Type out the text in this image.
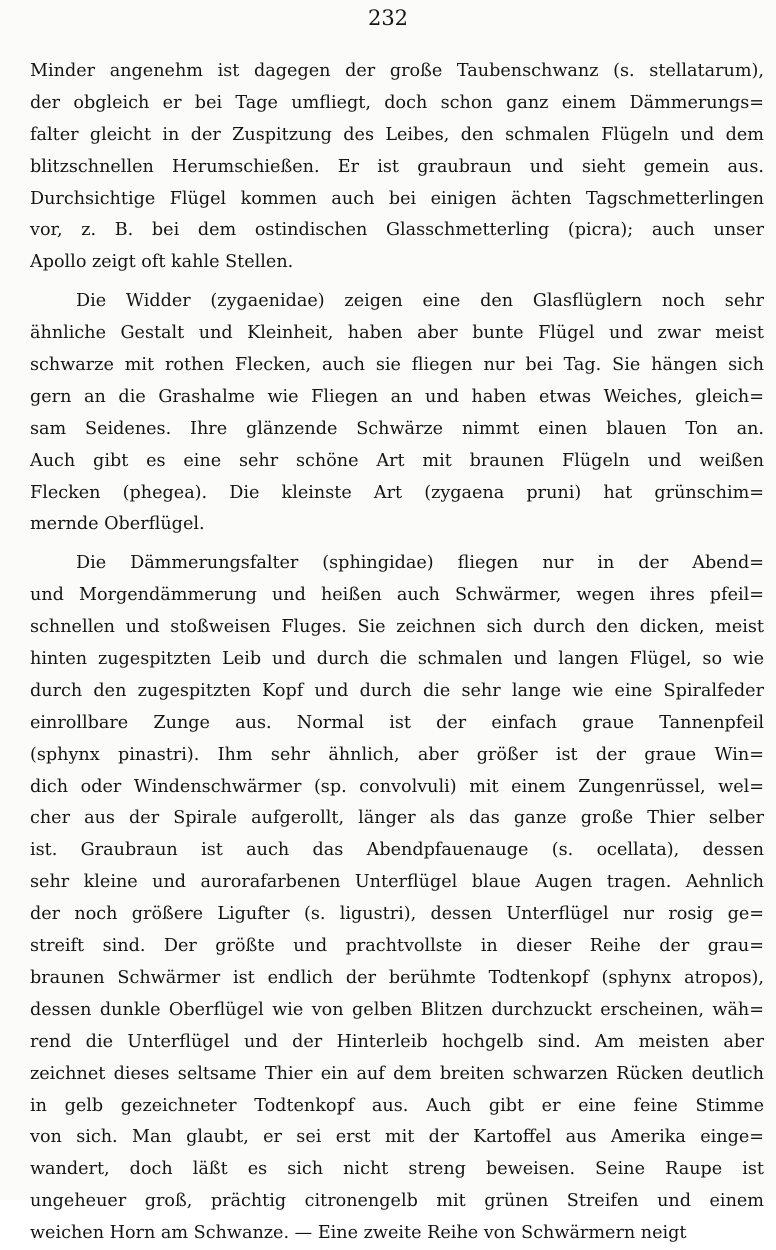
232
Minder angenehm ist dagegen der große Taubenschwanz (s. stellatarum),
der obgleich er bei Tage umfliegt, doch schon ganz einem Dämmerungs=
falter gleicht in der Zuspitzung des Leibes, den schmalen Flügeln und dem
blitzschnellen Herumschießen. Er ist graubraun und sieht gemein aus.
Durchsichtige Flügel kommen auch bei einigen ächten Tagschmetterlingen
vor, z. B. bei dem ostindischen Glasschmetterling (picra); auch unser
Apollo zeigt oft kahle Stellen.
Die Widder (zygaenidae) zeigen eine den Glasflüglern noch sehr
ähnliche Gestalt und Kleinheit, haben aber bunte Flügel und zwar meist
schwarze mit rothen Flecken, auch sie fliegen nur bei Tag. Sie hängen sich
gern an die Grashalme wie Fliegen an und haben etwas Weiches, gleich=
sam Seidenes. Ihre glänzende Schwärze nimmt einen blauen Ton an.
Auch gibt es eine sehr schöne Art mit braunen Flügeln und weißen
Flecken (phegea). Die kleinste Art (zygaena pruni) hat grünschim=
mernde Oberflügel.
Die Dämmerungsfalter (sphingidae) fliegen nur in der Abend=
und Morgendämmerung und heißen auch Schwärmer, wegen ihres pfeil=
schnellen und stoßweisen Fluges. Sie zeichnen sich durch den dicken, meist
hinten zugespitzten Leib und durch die schmalen und langen Flügel, so wie
durch den zugespitzten Kopf und durch die sehr lange wie eine Spiralfeder
einrollbare Zunge aus. Normal ist der einfach graue Tannenpfeil
(sphynx pinastri). Ihm sehr ähnlich, aber größer ist der graue Win=
dich oder Windenschwärmer (sp. convolvuli) mit einem Zungenrüssel, wel=
cher aus der Spirale aufgerollt, länger als das ganze große Thier selber
ist. Graubraun ist auch das Abendpfauenauge (s. ocellata), dessen
sehr kleine und aurorafarbenen Unterflügel blaue Augen tragen. Aehnlich
der noch größere Ligufter (s. ligustri), dessen Unterflügel nur rosig ge=
streift sind. Der größte und prachtvollste in dieser Reihe der grau=
braunen Schwärmer ist endlich der berühmte Todtenkopf (sphynx atropos),
dessen dunkle Oberflügel wie von gelben Blitzen durchzuckt erscheinen, wäh=
rend die Unterflügel und der Hinterleib hochgelb sind. Am meisten aber
zeichnet dieses seltsame Thier ein auf dem breiten schwarzen Rücken deutlich
in gelb gezeichneter Todtenkopf aus. Auch gibt er eine feine Stimme
von sich. Man glaubt, er sei erst mit der Kartoffel aus Amerika einge=
wandert, doch läßt es sich nicht streng beweisen. Seine Raupe ist
ungeheuer groß, prächtig citronengelb mit grünen Streifen und einem
weichen Horn am Schwanze. — Eine zweite Reihe von Schwärmern neigt
